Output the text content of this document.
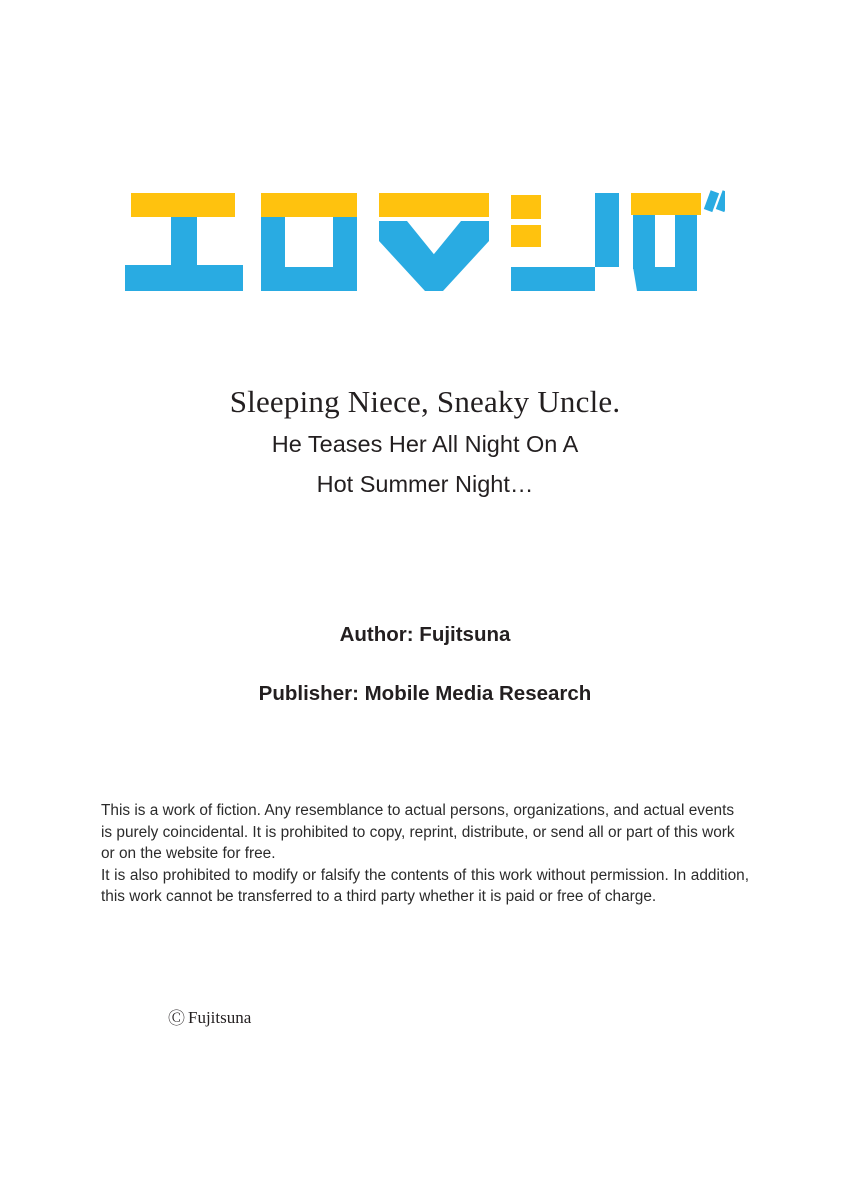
Sleeping Niece, Sneaky Uncle.
He Teases Her All Night On A
Hot Summer Night…
Author: Fujitsuna
Publisher: Mobile Media Research

This is a work of fiction. Any resemblance to actual persons, organizations, and actual events is purely coincidental. It is prohibited to copy, reprint, distribute, or send all or part of this work or on the website for free.

It is also prohibited to modify or falsify the contents of this work without permission. In addition, this work cannot be transferred to a third party whether it is paid or free of charge.

Ⓒ Fujitsuna
